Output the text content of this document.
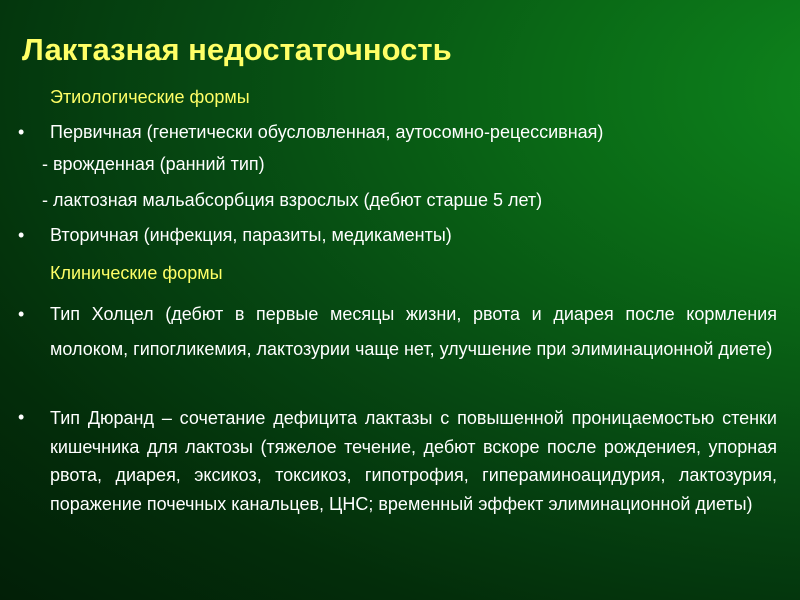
Лактазная недостаточность
Этиологические формы
• Первичная (генетически обусловленная, аутосомно-рецессивная)
- врожденная (ранний тип)
- лактозная мальабсорбция взрослых (дебют старше 5 лет)
• Вторичная (инфекция, паразиты, медикаменты)
Клинические формы
• Тип Холцел (дебют в первые месяцы жизни, рвота и диарея после кормления молоком, гипогликемия, лактозурии чаще нет, улучшение при элиминационной диете)
• Тип Дюранд – сочетание дефицита лактазы с повышенной проницаемостью стенки кишечника для лактозы (тяжелое течение, дебют вскоре после рождениея, упорная рвота, диарея, эксикоз, токсикоз, гипотрофия, гипераминоацидурия, лактозурия, поражение почечных канальцев, ЦНС; временный эффект элиминационной диеты)
